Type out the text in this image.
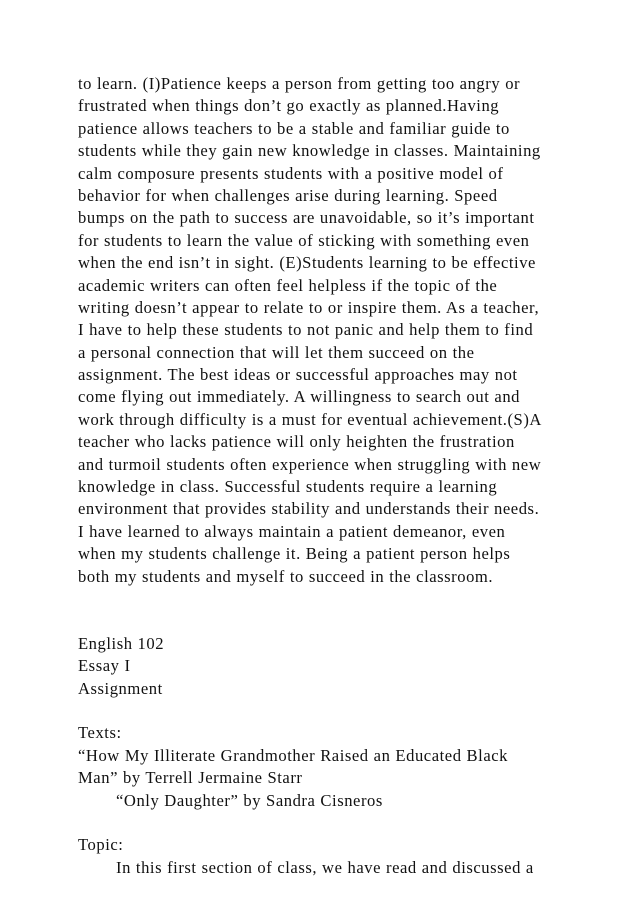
to learn. (I)Patience keeps a person from getting too angry or
frustrated when things don’t go exactly as planned.Having
patience allows teachers to be a stable and familiar guide to
students while they gain new knowledge in classes. Maintaining
calm composure presents students with a positive model of
behavior for when challenges arise during learning. Speed
bumps on the path to success are unavoidable, so it’s important
for students to learn the value of sticking with something even
when the end isn’t in sight. (E)Students learning to be effective
academic writers can often feel helpless if the topic of the
writing doesn’t appear to relate to or inspire them. As a teacher,
I have to help these students to not panic and help them to find
a personal connection that will let them succeed on the
assignment. The best ideas or successful approaches may not
come flying out immediately. A willingness to search out and
work through difficulty is a must for eventual achievement.(S)A
teacher who lacks patience will only heighten the frustration
and turmoil students often experience when struggling with new
knowledge in class. Successful students require a learning
environment that provides stability and understands their needs.
I have learned to always maintain a patient demeanor, even
when my students challenge it. Being a patient person helps
both my students and myself to succeed in the classroom.
English 102
Essay I
Assignment
Texts:
“How My Illiterate Grandmother Raised an Educated Black
Man” by Terrell Jermaine Starr
“Only Daughter” by Sandra Cisneros
Topic:
In this first section of class, we have read and discussed a
